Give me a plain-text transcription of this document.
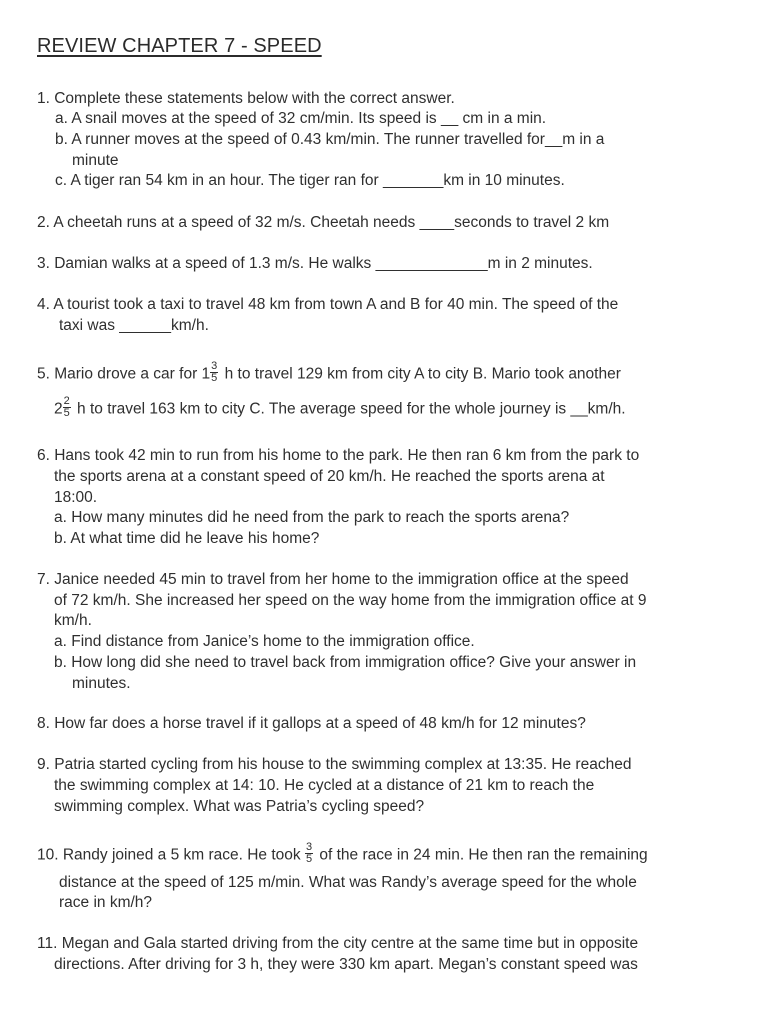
REVIEW CHAPTER 7 - SPEED
1. Complete these statements below with the correct answer.
a. A snail moves at the speed of 32 cm/min. Its speed is __ cm in a min.
b. A runner moves at the speed of 0.43 km/min. The runner travelled for__m in a
minute
c. A tiger ran 54 km in an hour. The tiger ran for _______km in 10 minutes.
2. A cheetah runs at a speed of 32 m/s. Cheetah needs ____seconds to travel 2 km
3. Damian walks at a speed of 1.3 m/s. He walks _____________m in 2 minutes.
4. A tourist took a taxi to travel 48 km from town A and B for 40 min. The speed of the
taxi was ______km/h.
5. Mario drove a car for $1 \frac{3}{5}$ h to travel 129 km from city A to city B. Mario took another
$2 \frac{2}{5}$ h to travel 163 km to city C. The average speed for the whole journey is __km/h.
6. Hans took 42 min to run from his home to the park. He then ran 6 km from the park to
the sports arena at a constant speed of 20 km/h. He reached the sports arena at
18:00.
a. How many minutes did he need from the park to reach the sports arena?
b. At what time did he leave his home?
7. Janice needed 45 min to travel from her home to the immigration office at the speed
of 72 km/h. She increased her speed on the way home from the immigration office at 9
km/h.
a. Find distance from Janice’s home to the immigration office.
b. How long did she need to travel back from immigration office? Give your answer in
minutes.
8. How far does a horse travel if it gallops at a speed of 48 km/h for 12 minutes?
9. Patria started cycling from his house to the swimming complex at 13:35. He reached
the swimming complex at 14: 10. He cycled at a distance of 21 km to reach the
swimming complex. What was Patria’s cycling speed?
10. Randy joined a 5 km race. He took $\frac{3}{5}$ of the race in 24 min. He then ran the remaining
distance at the speed of 125 m/min. What was Randy’s average speed for the whole
race in km/h?
11. Megan and Gala started driving from the city centre at the same time but in opposite
directions. After driving for 3 h, they were 330 km apart. Megan’s constant speed was
